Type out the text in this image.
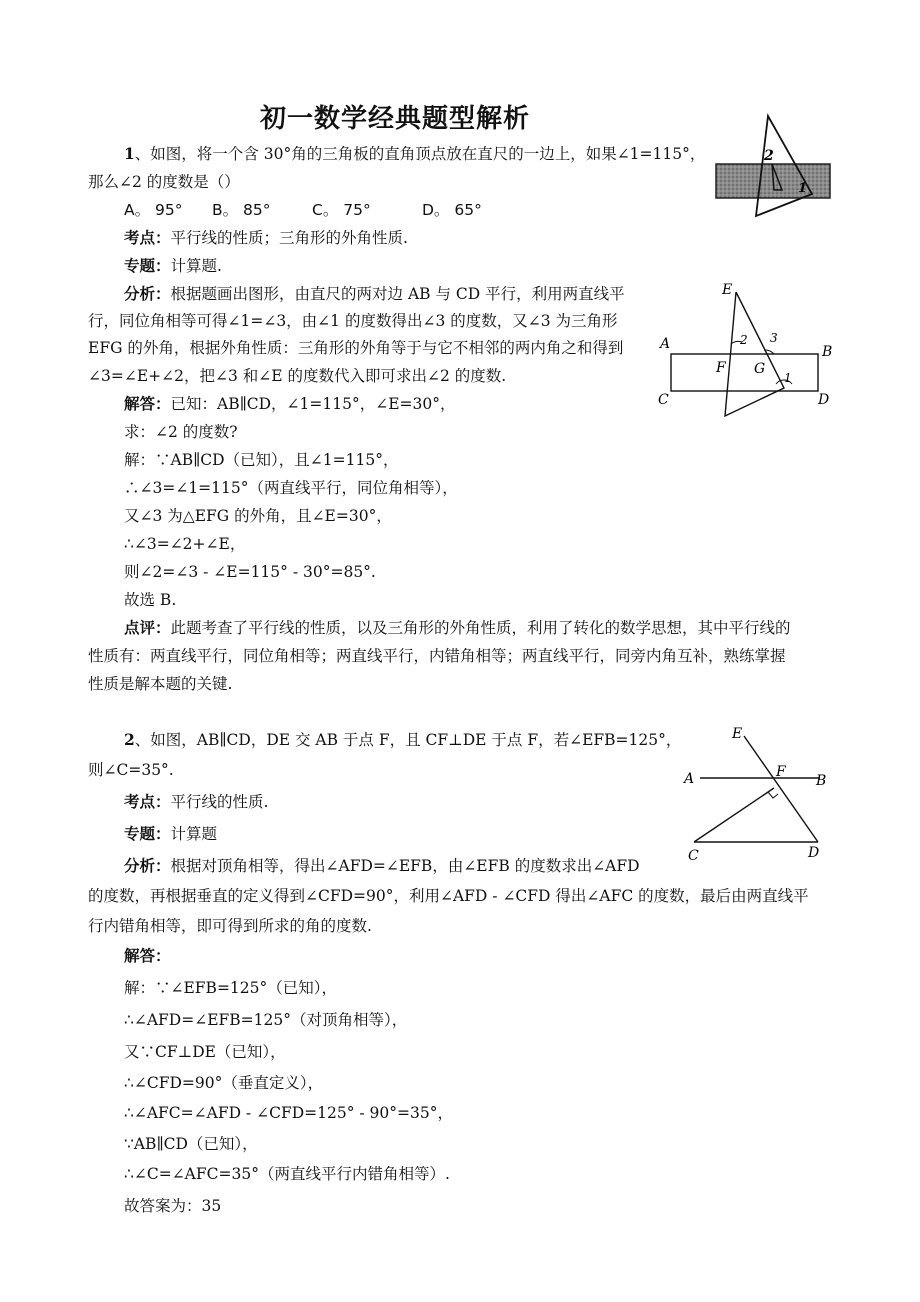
初一数学经典题型解析
1、如图，将一个含 30°角的三角板的直角顶点放在直尺的一边上，如果∠1=115°，
那么∠2 的度数是（）
A。 95° B。 85°	C。 75°	D。 65°
考点：平行线的性质；三角形的外角性质.
专题：计算题.
分析：根据题画出图形，由直尺的两对边 AB 与 CD 平行，利用两直线平
行，同位角相等可得∠1=∠3，由∠1 的度数得出∠3 的度数，又∠3 为三角形
EFG 的外角，根据外角性质：三角形的外角等于与它不相邻的两内角之和得到
∠3=∠E+∠2，把∠3 和∠E 的度数代入即可求出∠2 的度数.
解答：已知：AB∥CD，∠1=115°，∠E=30°，
求：∠2 的度数?
解：∵AB∥CD（已知），且∠1=115°，
∴∠3=∠1=115°（两直线平行，同位角相等），
又∠3 为△EFG 的外角，且∠E=30°，
∴∠3=∠2+∠E，
则∠2=∠3 - ∠E=115° - 30°=85°.
故选 B.
点评：此题考查了平行线的性质，以及三角形的外角性质，利用了转化的数学思想，其中平行线的
性质有：两直线平行，同位角相等；两直线平行，内错角相等；两直线平行，同旁内角互补，熟练掌握
性质是解本题的关键.
2
1
E
A	B
C	D
F G
2 3
1
2、如图，AB∥CD，DE 交 AB 于点 F，且 CF⊥DE 于点 F，若∠EFB=125°，
则∠C=35°.
考点：平行线的性质.
专题：计算题
分析：根据对顶角相等，得出∠AFD=∠EFB，由∠EFB 的度数求出∠AFD
的度数，再根据垂直的定义得到∠CFD=90°，利用∠AFD - ∠CFD 得出∠AFC 的度数，最后由两直线平
行内错角相等，即可得到所求的角的度数.
解答：
解：∵∠EFB=125°（已知），
∴∠AFD=∠EFB=125°（对顶角相等），
又∵CF⊥DE（已知），
∴∠CFD=90°（垂直定义），
∴∠AFC=∠AFD - ∠CFD=125° - 90°=35°，
∵AB∥CD（已知），
∴∠C=∠AFC=35°（两直线平行内错角相等）.
故答案为：35
E
A	B
F
C	D
